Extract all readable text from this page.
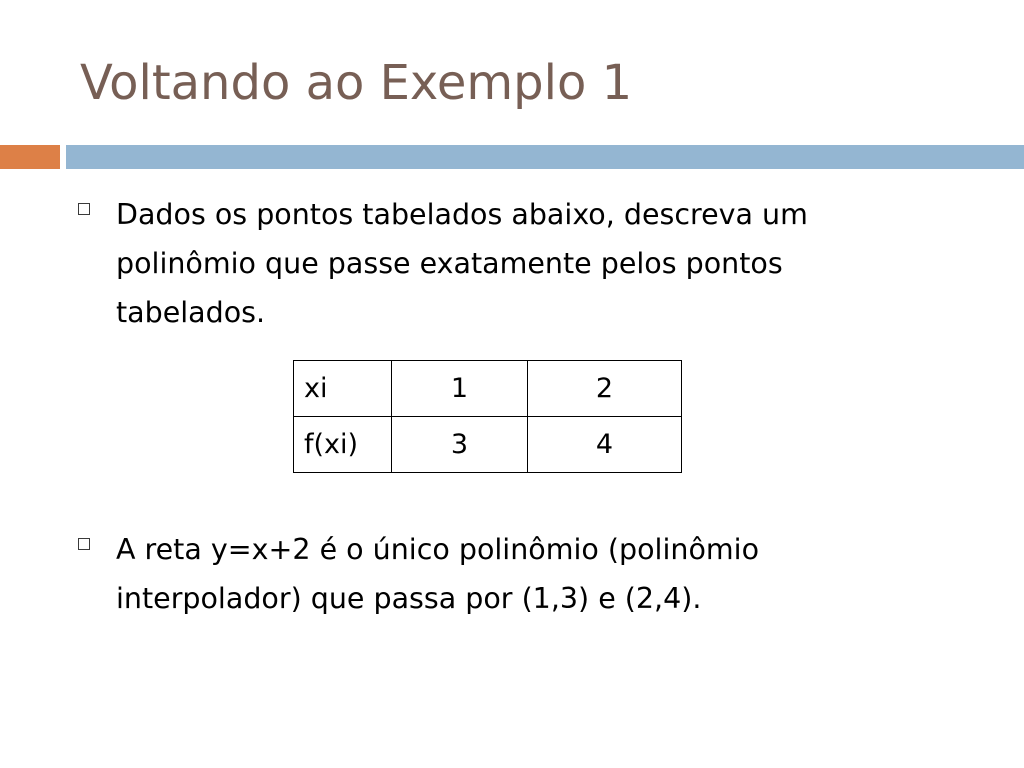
Voltando ao Exemplo 1

Dados os pontos tabelados abaixo, descreva um polinômio que passe exatamente pelos pontos tabelados.

xi	1	2
f(xi)	3	4

A reta y=x+2 é o único polinômio (polinômio interpolador) que passa por (1,3) e (2,4).
